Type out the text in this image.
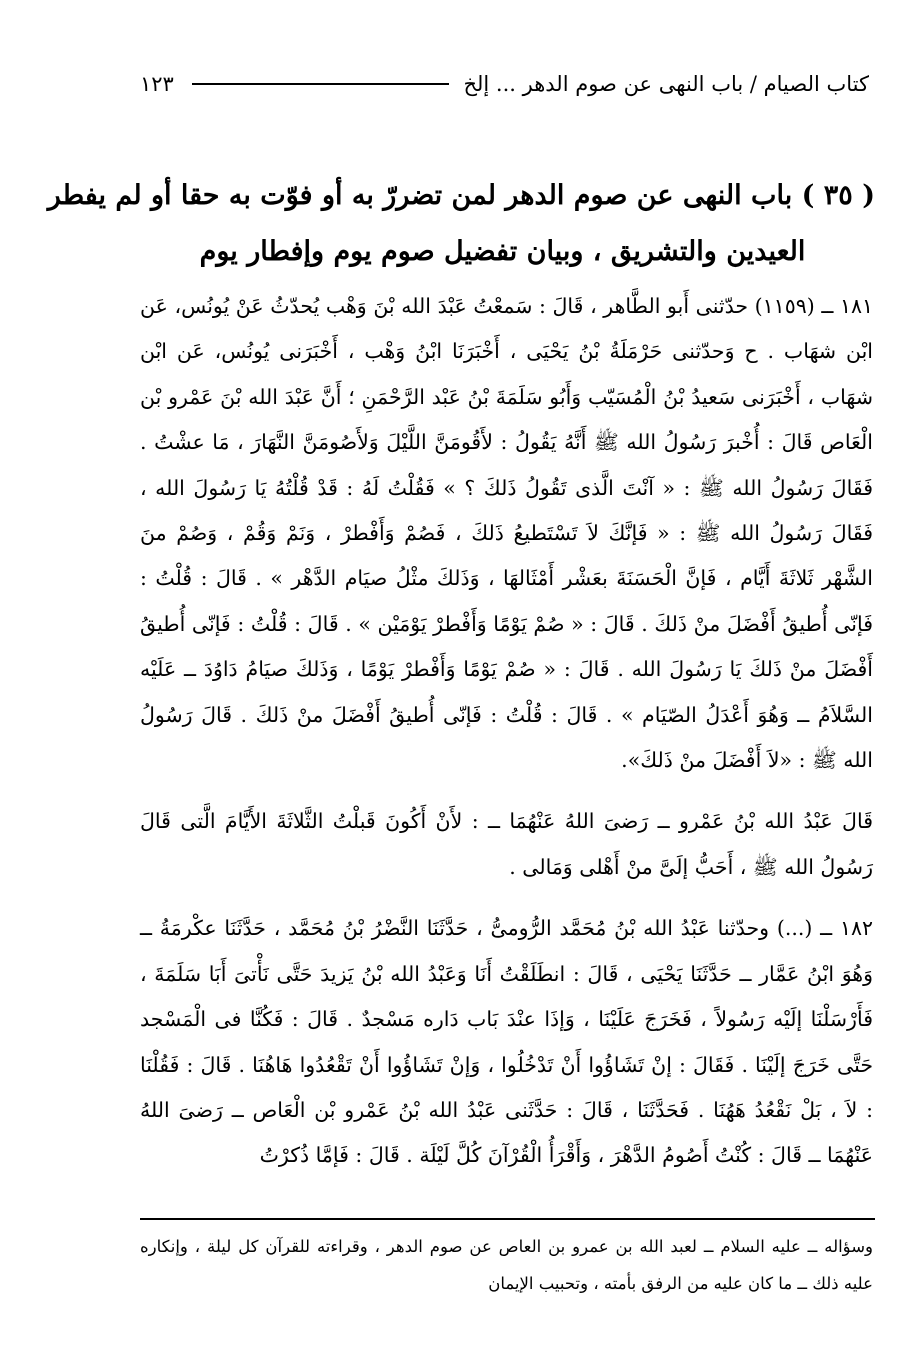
كتاب الصيام / باب النهى عن صوم الدهر ... إلخ
١٢٣
( ٣٥ ) باب النهى عن صوم الدهر لمن تضررّ به أو فوّت به حقا أو لم يفطر
العيدين والتشريق ، وبيان تفضيل صوم يوم وإفطار يوم

١٨١ ــ (١١٥٩) حدّثنى أَبو الطَّاهر ، قَالَ : سَمعْتُ عَبْدَ الله بْنَ وَهْب يُحدّثُ عَنْ يُونُس، عَن ابْن شهَاب . ح وَحدّثنى حَرْمَلَةُ بْنُ يَحْيَى ، أَخْبَرَنَا ابْنُ وَهْب ، أَخْبَرَنى يُونُس، عَن ابْن شهَاب ، أَخْبَرَنى سَعيدُ بْنُ الْمُسَيّب وَأَبُو سَلَمَةَ بْنُ عَبْد الرَّحْمَنِ ؛ أَنَّ عَبْدَ الله بْنَ عَمْرو بْن الْعَاص قَالَ : أُخْبرَ رَسُولُ الله ﷺ أَنَّهُ يَقُولُ : لأَقُومَنَّ اللَّيْلَ وَلأَصُومَنَّ النَّهَارَ ، مَا عشْتُ . فَقَالَ رَسُولُ الله ﷺ : « آنْتَ الَّذى تَقُولُ ذَلكَ ؟ » فَقُلْتُ لَهُ : قَدْ قُلْتُهُ يَا رَسُولَ الله ، فَقَالَ رَسُولُ الله ﷺ : « فَإنَّكَ لاَ تَسْتَطيعُ ذَلكَ ، فَصُمْ وَأَفْطرْ ، وَنَمْ وَقُمْ ، وَصُمْ منَ الشَّهْر ثَلاثَةَ أَيَّام ، فَإنَّ الْحَسَنَةَ بعَشْر أَمْثَالهَا ، وَذَلكَ مثْلُ صيَام الدَّهْر » . قَالَ : قُلْتُ : فَإنّى أُطيقُ أَفْضَلَ منْ ذَلكَ . قَالَ : « صُمْ يَوْمًا وَأَفْطرْ يَوْمَيْن » . قَالَ : قُلْتُ : فَإنّى أُطيقُ أَفْضَلَ منْ ذَلكَ يَا رَسُولَ الله . قَالَ : « صُمْ يَوْمًا وَأَفْطرْ يَوْمًا ، وَذَلكَ صيَامُ دَاوُدَ ــ عَلَيْه السَّلاَمُ ــ وَهُوَ أَعْدَلُ الصّيَام » . قَالَ : قُلْتُ : فَإنّى أُطيقُ أَفْضَلَ منْ ذَلكَ . قَالَ رَسُولُ الله ﷺ : «لاَ أَفْضَلَ منْ ذَلكَ».

قَالَ عَبْدُ الله بْنُ عَمْرو ــ رَضىَ اللهُ عَنْهُمَا ــ : لأَنْ أَكُونَ قَبلْتُ الثَّلاثَةَ الأَيَّامَ الَّتى قَالَ رَسُولُ الله ﷺ ، أَحَبُّ إلَىَّ منْ أَهْلى وَمَالى .

١٨٢ ــ (...) وحدّثنا عَبْدُ الله بْنُ مُحَمَّد الرُّومىُّ ، حَدَّثَنَا النَّضْرُ بْنُ مُحَمَّد ، حَدَّثَنَا عكْرمَةُ ــ وَهُوَ ابْنُ عَمَّار ــ حَدَّثَنَا يَحْيَى ، قَالَ : انطَلَقْتُ أَنَا وَعَبْدُ الله بْنُ يَزيدَ حَتَّى نَأْتىَ أَبَا سَلَمَةَ ، فَأَرْسَلْنَا إلَيْه رَسُولاً ، فَخَرَجَ عَلَيْنَا ، وَإذَا عنْدَ بَاب دَاره مَسْجدٌ . قَالَ : فَكُنَّا فى الْمَسْجد حَتَّى خَرَجَ إلَيْنَا . فَقَالَ : إنْ تَشَاؤُوا أَنْ تَدْخُلُوا ، وَإنْ تَشَاؤُوا أَنْ تَقْعُدُوا هَاهُنَا . قَالَ : فَقُلْنَا : لاَ ، بَلْ نَقْعُدُ هَهُنَا . فَحَدَّثَنَا ، قَالَ : حَدَّثَنى عَبْدُ الله بْنُ عَمْرو بْن الْعَاص ــ رَضىَ اللهُ عَنْهُمَا ــ قَالَ : كُنْتُ أَصُومُ الدَّهْرَ ، وَأَقْرَأُ الْقُرْآنَ كُلَّ لَيْلَة . قَالَ : فَإمَّا ذُكرْتُ

وسؤاله ــ عليه السلام ــ لعبد الله بن عمرو بن العاص عن صوم الدهر ، وقراءته للقرآن كل ليلة ، وإنكاره عليه ذلك ــ ما كان عليه من الرفق بأمته ، وتحبيب الإيمان
